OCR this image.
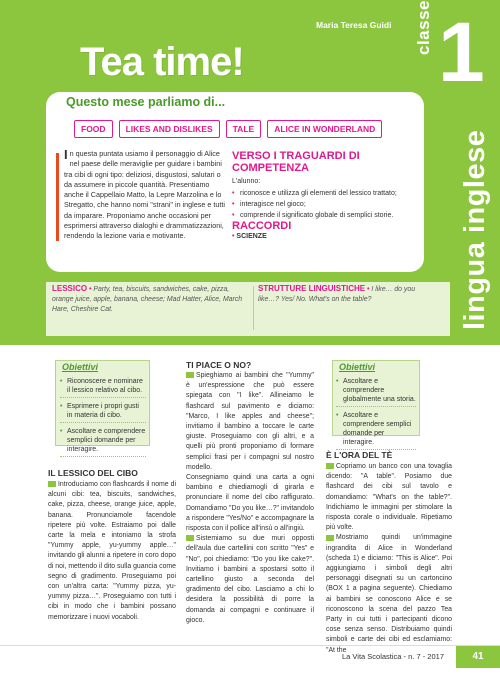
Maria Teresa Guidi classe 1
lingua inglese
Tea time!
Questo mese parliamo di...
FOOD	LIKES AND DISLIKES	TALE	ALICE IN WONDERLAND
In questa puntata usiamo il personaggio di Alice nel paese delle meraviglie per guidare i bambini tra cibi di ogni tipo: deliziosi, disgustosi, salutari o da assumere in piccole quantità. Presentiamo anche il Cappellaio Matto, la Lepre Marzolina e lo Stregatto, che hanno nomi "strani" in inglese e tutti da imparare. Proponiamo anche occasioni per esprimersi attraverso dialoghi e drammatizzazioni, rendendo la lezione varia e motivante.
VERSO I TRAGUARDI DI COMPETENZA
L'alunno:
• riconosce e utilizza gli elementi del lessico trattato;
• interagisce nel gioco;
• comprende il significato globale di semplici storie.
RACCORDI
• SCIENZE
LESSICO • Party, tea, biscuits, sandwiches, cake, pizza, orange juice, apple, banana, cheese; Mad Hatter, Alice, March Hare, Cheshire Cat.
STRUTTURE LINGUISTICHE • I like… do you like…? Yes/ No. What's on the table?
Obiettivi
• Riconoscere e nominare il lessico relativo al cibo.
• Esprimere i propri gusti in materia di cibo.
• Ascoltare e comprendere semplici domande per interagire.
IL LESSICO DEL CIBO
Introduciamo con flashcards il nome di alcuni cibi: tea, biscuits, sandwiches, cake, pizza, cheese, orange juice, apple, banana. Pronunciamole facendole ripetere più volte. Estraiamo poi dalle carte la mela e intoniamo la strofa "Yummy apple, yu-yummy apple…" invitando gli alunni a ripetere in coro dopo di noi, mettendo il dito sulla guancia come segno di gradimento. Proseguiamo poi con un'altra carta: "Yummy pizza, yu-yummy pizza…". Proseguiamo con tutti i cibi in modo che i bambini possano memorizzare i nuovi vocaboli.
TI PIACE O NO?
Spieghiamo ai bambini che "Yummy" è un'espressione che può essere spiegata con "I like". Allineiamo le flashcard sul pavimento e diciamo: "Marco, I like apples and cheese"; invitiamo il bambino a toccare le carte giuste. Proseguiamo con gli altri, e a quelli più pronti proponiamo di formare semplici frasi per i compagni sul nostro modello.
Consegniamo quindi una carta a ogni bambino e chiediamogli di girarla e pronunciare il nome del cibo raffigurato. Domandiamo "Do you like…?" invitandolo a rispondere "Yes/No" e accompagnare la risposta con il pollice all'insù o all'ingiù.
Sistemiamo su due muri opposti dell'aula due cartellini con scritto "Yes" e "No", poi chiediamo: "Do you like cake?". Invitiamo i bambini a spostarsi sotto il cartellino giusto a seconda del gradimento del cibo. Lasciamo a chi lo desidera la possibilità di porre la domanda ai compagni e continuare il gioco.
Obiettivi
• Ascoltare e comprendere globalmente una storia.
• Ascoltare e comprendere semplici domande per interagire.
È L'ORA DEL TÈ
Copriamo un banco con una tovaglia dicendo: "A table". Posiamo due flashcard dei cibi sul tavolo e domandiamo: "What's on the table?". Indichiamo le immagini per stimolare la risposta corale o individuale. Ripetiamo più volte.
Mostriamo quindi un'immagine ingrandita di Alice in Wonderland (scheda 1) e diciamo: "This is Alice". Poi aggiungiamo i simboli degli altri personaggi disegnati su un cartoncino (BOX 1 a pagina seguente). Chiediamo ai bambini se conoscono Alice e se riconoscono la scena del pazzo Tea Party in cui tutti i partecipanti dicono cose senza senso. Distribuiamo quindi simboli e carte dei cibi ed esclamiamo: "At the
La Vita Scolastica - n. 7 - 2017	41
